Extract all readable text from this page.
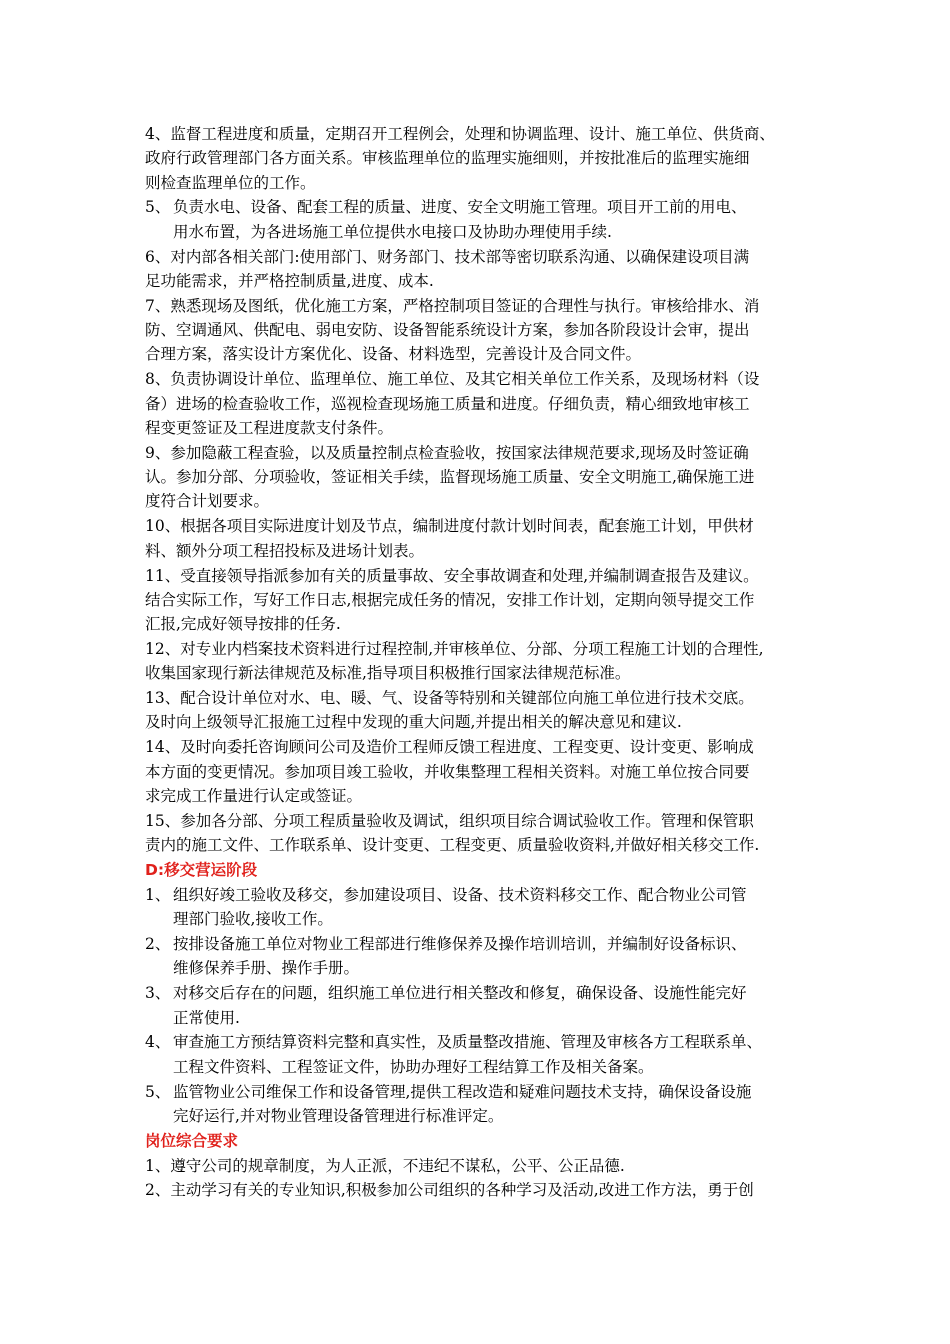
4、监督工程进度和质量，定期召开工程例会，处理和协调监理、设计、施工单位、供货商、
政府行政管理部门各方面关系。审核监理单位的监理实施细则，并按批准后的监理实施细
则检查监理单位的工作。
5、 负责水电、设备、配套工程的质量、进度、安全文明施工管理。项目开工前的用电、
用水布置，为各进场施工单位提供水电接口及协助办理使用手续.
6、对内部各相关部门:使用部门、财务部门、技术部等密切联系沟通、以确保建设项目满
足功能需求，并严格控制质量,进度、成本.
7、熟悉现场及图纸，优化施工方案，严格控制项目签证的合理性与执行。审核给排水、消
防、空调通风、供配电、弱电安防、设备智能系统设计方案，参加各阶段设计会审，提出
合理方案，落实设计方案优化、设备、材料选型，完善设计及合同文件。
8、负责协调设计单位、监理单位、施工单位、及其它相关单位工作关系，及现场材料（设
备）进场的检查验收工作，巡视检查现场施工质量和进度。仔细负责，精心细致地审核工
程变更签证及工程进度款支付条件。
9、参加隐蔽工程查验，以及质量控制点检查验收，按国家法律规范要求,现场及时签证确
认。参加分部、分项验收，签证相关手续，监督现场施工质量、安全文明施工,确保施工进
度符合计划要求。
10、根据各项目实际进度计划及节点，编制进度付款计划时间表，配套施工计划，甲供材
料、额外分项工程招投标及进场计划表。
11、受直接领导指派参加有关的质量事故、安全事故调查和处理,并编制调查报告及建议。
结合实际工作，写好工作日志,根据完成任务的情况，安排工作计划，定期向领导提交工作
汇报,完成好领导按排的任务.
12、对专业内档案技术资料进行过程控制,并审核单位、分部、分项工程施工计划的合理性,
收集国家现行新法律规范及标准,指导项目积极推行国家法律规范标准。
13、配合设计单位对水、电、暖、气、设备等特别和关键部位向施工单位进行技术交底。
及时向上级领导汇报施工过程中发现的重大问题,并提出相关的解决意见和建议.
14、及时向委托咨询顾问公司及造价工程师反馈工程进度、工程变更、设计变更、影响成
本方面的变更情况。参加项目竣工验收，并收集整理工程相关资料。对施工单位按合同要
求完成工作量进行认定或签证。
15、参加各分部、分项工程质量验收及调试，组织项目综合调试验收工作。管理和保管职
责内的施工文件、工作联系单、设计变更、工程变更、质量验收资料,并做好相关移交工作.
D:移交营运阶段
1、 组织好竣工验收及移交，参加建设项目、设备、技术资料移交工作、配合物业公司管
理部门验收,接收工作。
2、 按排设备施工单位对物业工程部进行维修保养及操作培训培训，并编制好设备标识、
维修保养手册、操作手册。
3、 对移交后存在的问题，组织施工单位进行相关整改和修复，确保设备、设施性能完好
正常使用.
4、 审查施工方预结算资料完整和真实性，及质量整改措施、管理及审核各方工程联系单、
工程文件资料、工程签证文件，协助办理好工程结算工作及相关备案。
5、 监管物业公司维保工作和设备管理,提供工程改造和疑难问题技术支持，确保设备设施
完好运行,并对物业管理设备管理进行标准评定。
岗位综合要求
1、遵守公司的规章制度，为人正派，不违纪不谋私，公平、公正品德.
2、主动学习有关的专业知识,积极参加公司组织的各种学习及活动,改进工作方法，勇于创
